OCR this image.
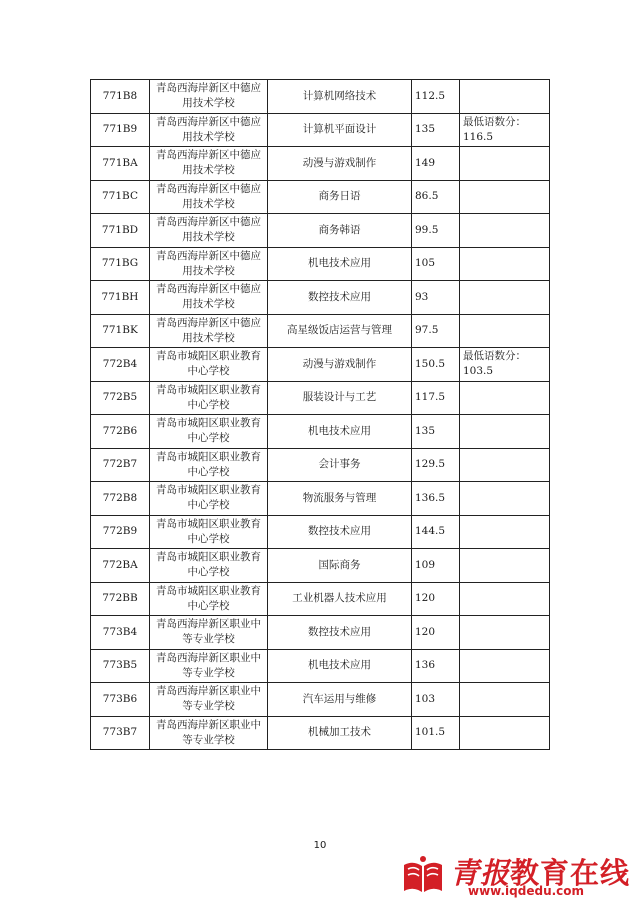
771B8	青岛西海岸新区中德应用技术学校	计算机网络技术	112.5	
771B9	青岛西海岸新区中德应用技术学校	计算机平面设计	135	最低语数分：116.5
771BA	青岛西海岸新区中德应用技术学校	动漫与游戏制作	149	
771BC	青岛西海岸新区中德应用技术学校	商务日语	86.5	
771BD	青岛西海岸新区中德应用技术学校	商务韩语	99.5	
771BG	青岛西海岸新区中德应用技术学校	机电技术应用	105	
771BH	青岛西海岸新区中德应用技术学校	数控技术应用	93	
771BK	青岛西海岸新区中德应用技术学校	高星级饭店运营与管理	97.5	
772B4	青岛市城阳区职业教育中心学校	动漫与游戏制作	150.5	最低语数分：103.5
772B5	青岛市城阳区职业教育中心学校	服装设计与工艺	117.5	
772B6	青岛市城阳区职业教育中心学校	机电技术应用	135	
772B7	青岛市城阳区职业教育中心学校	会计事务	129.5	
772B8	青岛市城阳区职业教育中心学校	物流服务与管理	136.5	
772B9	青岛市城阳区职业教育中心学校	数控技术应用	144.5	
772BA	青岛市城阳区职业教育中心学校	国际商务	109	
772BB	青岛市城阳区职业教育中心学校	工业机器人技术应用	120	
773B4	青岛西海岸新区职业中等专业学校	数控技术应用	120	
773B5	青岛西海岸新区职业中等专业学校	机电技术应用	136	
773B6	青岛西海岸新区职业中等专业学校	汽车运用与维修	103	
773B7	青岛西海岸新区职业中等专业学校	机械加工技术	101.5	
10
青报教育在线
www.iqdedu.com
